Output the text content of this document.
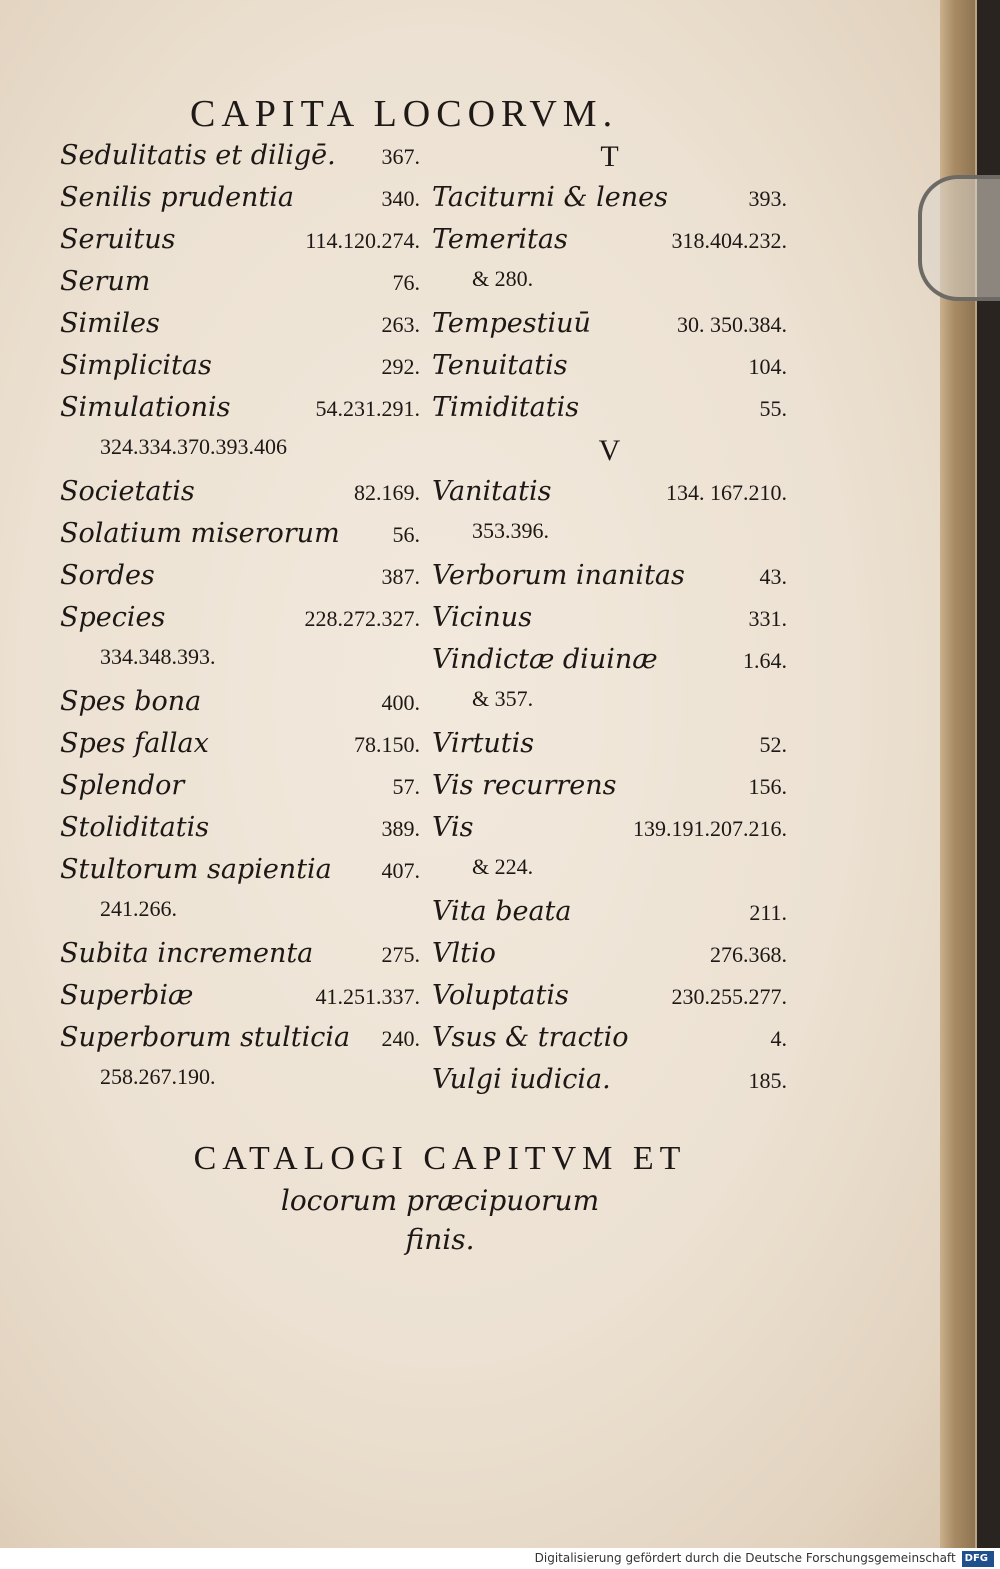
CAPITA LOCORVM.
Sedulitatis et diligē.	367.
Senilis prudentia	340.
Seruitus	114.120.274.
Serum	76.
Similes	263.
Simplicitas	292.
Simulationis	54.231.291.
324.334.370.393.406
Societatis	82.169.
Solatium miserorum	56.
Sordes	387.
Species	228.272.327.
334.348.393.
Spes bona	400.
Spes fallax	78.150.
Splendor	57.
Stoliditatis	389.
Stultorum sapientia	407.
241.266.
Subita incrementa	275.
Superbiæ	41.251.337.
Superborum stulticia	240.
258.267.190.
T
Taciturni & lenes	393.
Temeritas	318.404.232.
& 280.
Tempestiuū	30. 350.384.
Tenuitatis	104.
Timiditatis	55.
V
Vanitatis	134. 167.210.
353.396.
Verborum inanitas	43.
Vicinus	331.
Vindictæ diuinæ	1.64.
& 357.
Virtutis	52.
Vis recurrens	156.
Vis	139.191.207.216.
& 224.
Vita beata	211.
Vltio	276.368.
Voluptatis	230.255.277.
Vsus & tractio	4.
Vulgi iudicia.	185.
CATALOGI CAPITVM ET
locorum præcipuorum
finis.
Digitalisierung gefördert durch die Deutsche Forschungsgemeinschaft DFG
